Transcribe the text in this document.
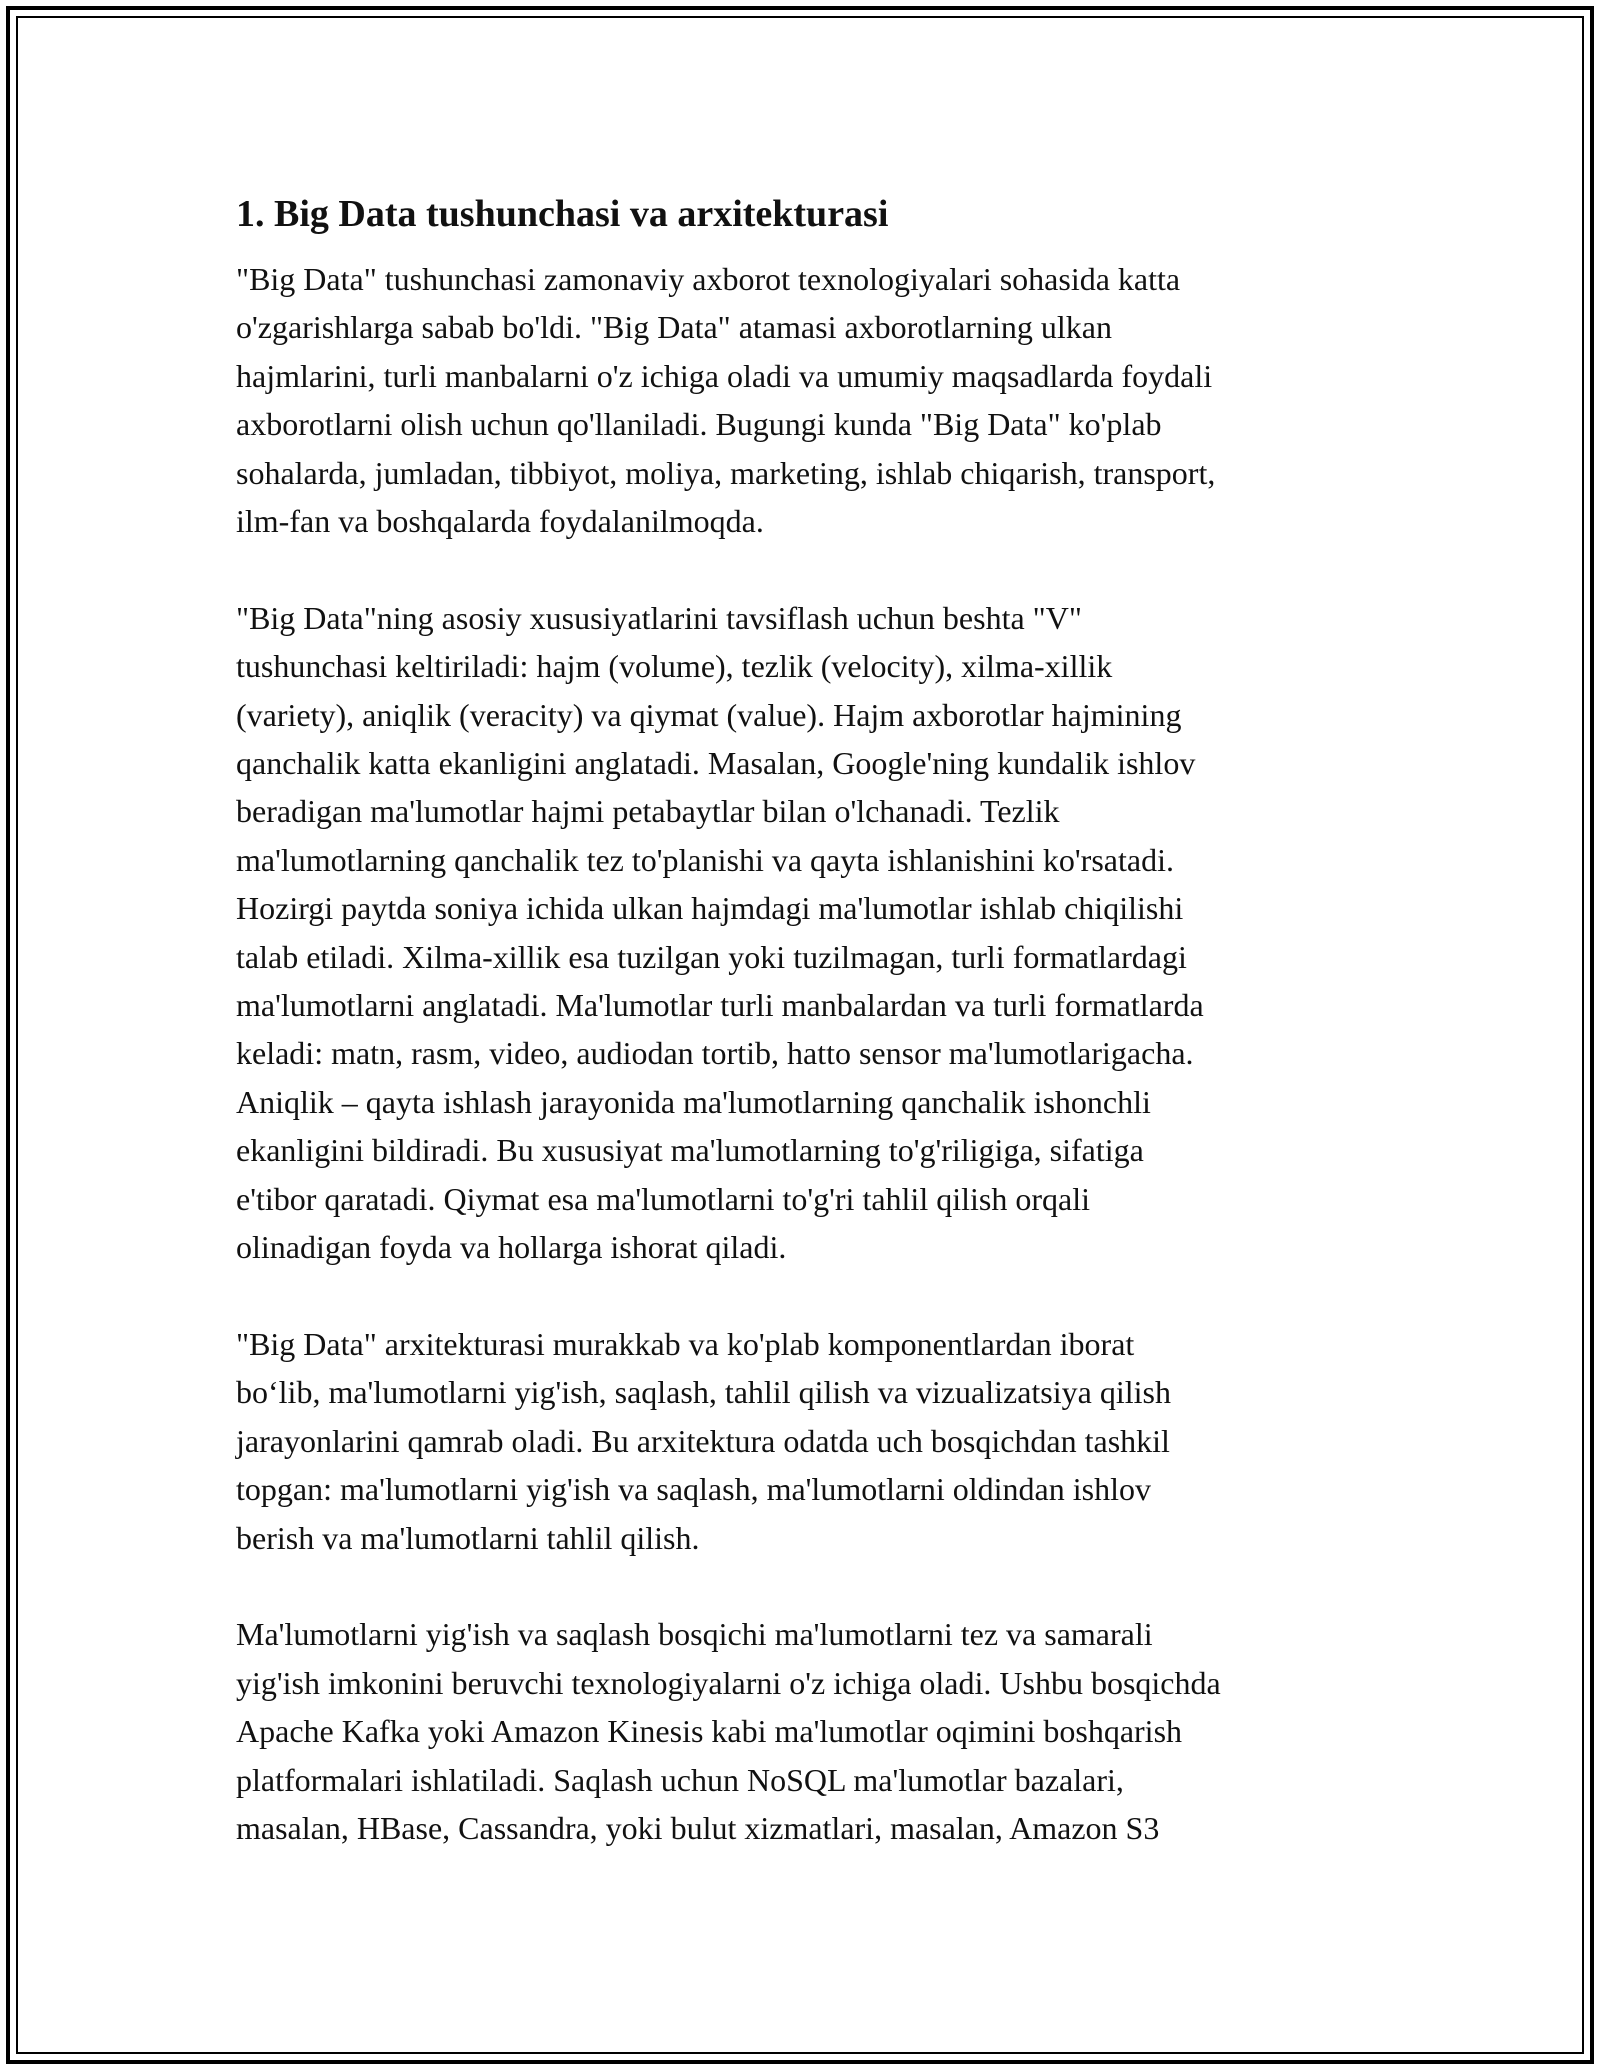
1. Big Data tushunchasi va arxitekturasi

"Big Data" tushunchasi zamonaviy axborot texnologiyalari sohasida katta
o'zgarishlarga sabab bo'ldi. "Big Data" atamasi axborotlarning ulkan
hajmlarini, turli manbalarni o'z ichiga oladi va umumiy maqsadlarda foydali
axborotlarni olish uchun qo'llaniladi. Bugungi kunda "Big Data" ko'plab
sohalarda, jumladan, tibbiyot, moliya, marketing, ishlab chiqarish, transport,
ilm-fan va boshqalarda foydalanilmoqda.

"Big Data"ning asosiy xususiyatlarini tavsiflash uchun beshta "V"
tushunchasi keltiriladi: hajm (volume), tezlik (velocity), xilma-xillik
(variety), aniqlik (veracity) va qiymat (value). Hajm axborotlar hajmining
qanchalik katta ekanligini anglatadi. Masalan, Google'ning kundalik ishlov
beradigan ma'lumotlar hajmi petabaytlar bilan o'lchanadi. Tezlik
ma'lumotlarning qanchalik tez to'planishi va qayta ishlanishini ko'rsatadi.
Hozirgi paytda soniya ichida ulkan hajmdagi ma'lumotlar ishlab chiqilishi
talab etiladi. Xilma-xillik esa tuzilgan yoki tuzilmagan, turli formatlardagi
ma'lumotlarni anglatadi. Ma'lumotlar turli manbalardan va turli formatlarda
keladi: matn, rasm, video, audiodan tortib, hatto sensor ma'lumotlarigacha.
Aniqlik – qayta ishlash jarayonida ma'lumotlarning qanchalik ishonchli
ekanligini bildiradi. Bu xususiyat ma'lumotlarning to'g'riligiga, sifatiga
e'tibor qaratadi. Qiymat esa ma'lumotlarni to'g'ri tahlil qilish orqali
olinadigan foyda va hollarga ishorat qiladi.

"Big Data" arxitekturasi murakkab va ko'plab komponentlardan iborat
bo‘lib, ma'lumotlarni yig'ish, saqlash, tahlil qilish va vizualizatsiya qilish
jarayonlarini qamrab oladi. Bu arxitektura odatda uch bosqichdan tashkil
topgan: ma'lumotlarni yig'ish va saqlash, ma'lumotlarni oldindan ishlov
berish va ma'lumotlarni tahlil qilish.

Ma'lumotlarni yig'ish va saqlash bosqichi ma'lumotlarni tez va samarali
yig'ish imkonini beruvchi texnologiyalarni o'z ichiga oladi. Ushbu bosqichda
Apache Kafka yoki Amazon Kinesis kabi ma'lumotlar oqimini boshqarish
platformalari ishlatiladi. Saqlash uchun NoSQL ma'lumotlar bazalari,
masalan, HBase, Cassandra, yoki bulut xizmatlari, masalan, Amazon S3
